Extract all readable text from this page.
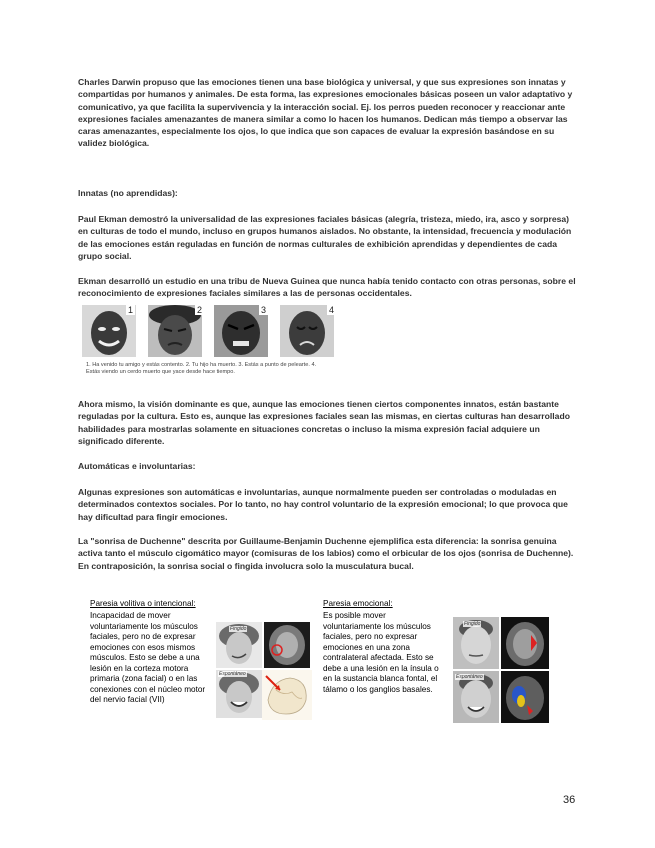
Charles Darwin propuso que las emociones tienen una base biológica y universal, y que sus expresiones son innatas y compartidas por humanos y animales. De esta forma, las expresiones emocionales básicas poseen un valor adaptativo y comunicativo, ya que facilita la supervivencia y la interacción social. Ej. los perros pueden reconocer y reaccionar ante expresiones faciales amenazantes de manera similar a como lo hacen los humanos. Dedican más tiempo a observar las caras amenazantes, especialmente los ojos, lo que indica que son capaces de evaluar la expresión basándose en su validez biológica.

Innatas (no aprendidas):

Paul Ekman demostró la universalidad de las expresiones faciales básicas (alegría, tristeza, miedo, ira, asco y sorpresa) en culturas de todo el mundo, incluso en grupos humanos aislados. No obstante, la intensidad, frecuencia y modulación de las emociones están reguladas en función de normas culturales de exhibición aprendidas y dependientes de cada grupo social.

Ekman desarrolló un estudio en una tribu de Nueva Guinea que nunca había tenido contacto con otras personas, sobre el reconocimiento de expresiones faciales similares a las de personas occidentales.

1	2	3	4
1. Ha venido tu amigo y estás contento. 2. Tu hijo ha muerto. 3. Estás a punto de pelearte. 4. Estás viendo un cerdo muerto que yace desde hace tiempo.

Ahora mismo, la visión dominante es que, aunque las emociones tienen ciertos componentes innatos, están bastante reguladas por la cultura. Esto es, aunque las expresiones faciales sean las mismas, en ciertas culturas han desarrollado habilidades para mostrarlas solamente en situaciones concretas o incluso la misma expresión facial adquiere un significado diferente.

Automáticas e involuntarias:

Algunas expresiones son automáticas e involuntarias, aunque normalmente pueden ser controladas o moduladas en determinados contextos sociales. Por lo tanto, no hay control voluntario de la expresión emocional; lo que provoca que hay dificultad para fingir emociones.

La "sonrisa de Duchenne" descrita por Guillaume-Benjamin Duchenne ejemplifica esta diferencia: la sonrisa genuina activa tanto el músculo cigomático mayor (comisuras de los labios) como el orbicular de los ojos (sonrisa de Duchenne). En contraposición, la sonrisa social o fingida involucra solo la musculatura bucal.

Paresia volitiva o intencional:
Incapacidad de mover voluntariamente los músculos faciales, pero no de expresar emociones con esos mismos músculos. Esto se debe a una lesión en la corteza motora primaria (zona facial) o en las conexiones con el núcleo motor del nervio facial (VII)
Fingido
Espontáneo
Paresia emocional:
Es posible mover voluntariamente los músculos faciales, pero no expresar emociones en una zona contralateral afectada. Esto se debe a una lesión en la ínsula o en la sustancia blanca fontal, el tálamo o los ganglios basales.
Fingido
Espontáneo
36
